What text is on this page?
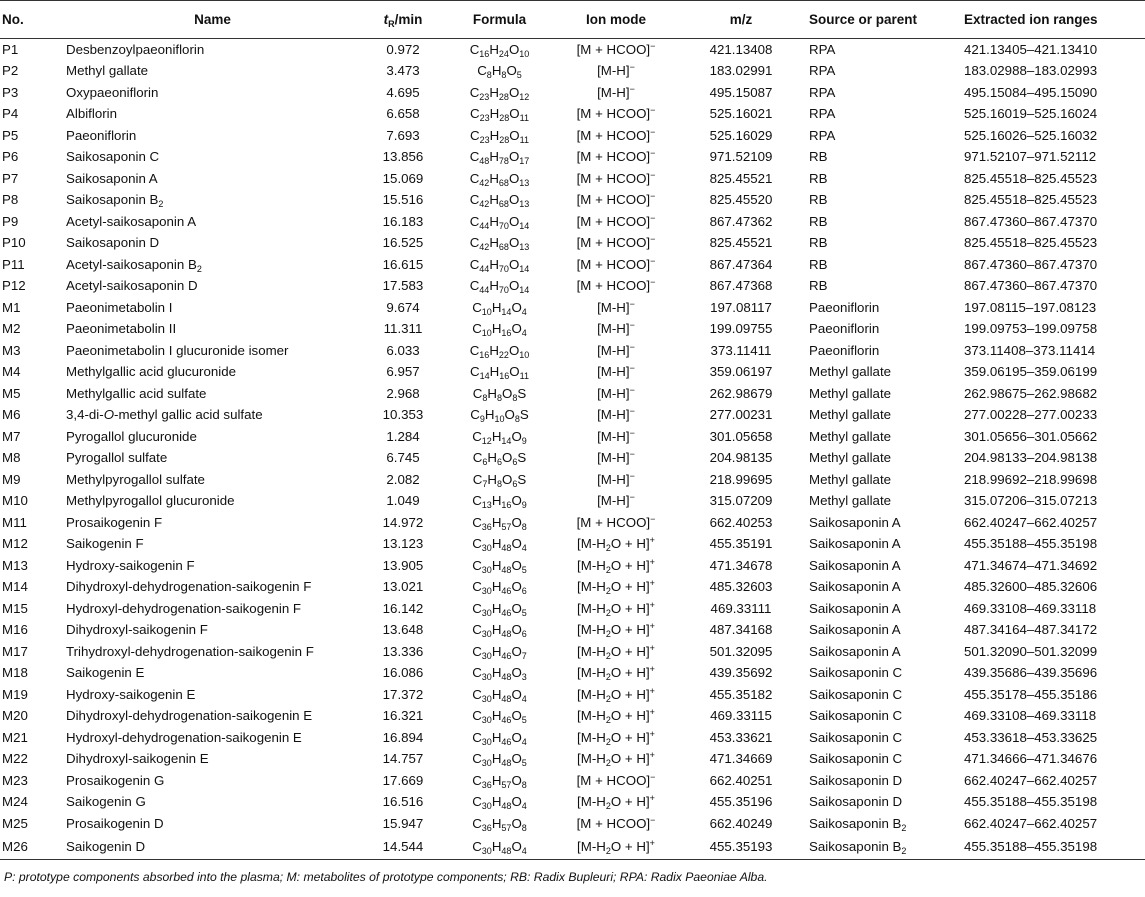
No.	Name	$t_R/\min$	Formula	Ion mode	m/z	Source or parent	Extracted ion ranges
P1	Desbenzoylpaeoniflorin	0.972	$C_{16}H_{24}O_{10}$	[M + HCOO]−	421.13408	RPA	421.13405–421.13410
P2	Methyl gallate	3.473	$C_8H_8O_5$	[M-H]−	183.02991	RPA	183.02988–183.02993
P3	Oxypaeoniflorin	4.695	$C_{23}H_{28}O_{12}$	[M-H]−	495.15087	RPA	495.15084–495.15090
P4	Albiflorin	6.658	$C_{23}H_{28}O_{11}$	[M + HCOO]−	525.16021	RPA	525.16019–525.16024
P5	Paeoniflorin	7.693	$C_{23}H_{28}O_{11}$	[M + HCOO]−	525.16029	RPA	525.16026–525.16032
P6	Saikosaponin C	13.856	$C_{48}H_{78}O_{17}$	[M + HCOO]−	971.52109	RB	971.52107–971.52112
P7	Saikosaponin A	15.069	$C_{42}H_{68}O_{13}$	[M + HCOO]−	825.45521	RB	825.45518–825.45523
P8	Saikosaponin $B_2$	15.516	$C_{42}H_{68}O_{13}$	[M + HCOO]−	825.45520	RB	825.45518–825.45523
P9	Acetyl-saikosaponin A	16.183	$C_{44}H_{70}O_{14}$	[M + HCOO]−	867.47362	RB	867.47360–867.47370
P10	Saikosaponin D	16.525	$C_{42}H_{68}O_{13}$	[M + HCOO]−	825.45521	RB	825.45518–825.45523
P11	Acetyl-saikosaponin $B_2$	16.615	$C_{44}H_{70}O_{14}$	[M + HCOO]−	867.47364	RB	867.47360–867.47370
P12	Acetyl-saikosaponin D	17.583	$C_{44}H_{70}O_{14}$	[M + HCOO]−	867.47368	RB	867.47360–867.47370
M1	Paeonimetabolin I	9.674	$C_{10}H_{14}O_4$	[M-H]−	197.08117	Paeoniflorin	197.08115–197.08123
M2	Paeonimetabolin II	11.311	$C_{10}H_{16}O_4$	[M-H]−	199.09755	Paeoniflorin	199.09753–199.09758
M3	Paeonimetabolin I glucuronide isomer	6.033	$C_{16}H_{22}O_{10}$	[M-H]−	373.11411	Paeoniflorin	373.11408–373.11414
M4	Methylgallic acid glucuronide	6.957	$C_{14}H_{16}O_{11}$	[M-H]−	359.06197	Methyl gallate	359.06195–359.06199
M5	Methylgallic acid sulfate	2.968	$C_8H_8O_8S$	[M-H]−	262.98679	Methyl gallate	262.98675–262.98682
M6	3,4-di-O-methyl gallic acid sulfate	10.353	$C_9H_{10}O_8S$	[M-H]−	277.00231	Methyl gallate	277.00228–277.00233
M7	Pyrogallol glucuronide	1.284	$C_{12}H_{14}O_9$	[M-H]−	301.05658	Methyl gallate	301.05656–301.05662
M8	Pyrogallol sulfate	6.745	$C_6H_6O_6S$	[M-H]−	204.98135	Methyl gallate	204.98133–204.98138
M9	Methylpyrogallol sulfate	2.082	$C_7H_8O_6S$	[M-H]−	218.99695	Methyl gallate	218.99692–218.99698
M10	Methylpyrogallol glucuronide	1.049	$C_{13}H_{16}O_9$	[M-H]−	315.07209	Methyl gallate	315.07206–315.07213
M11	Prosaikogenin F	14.972	$C_{36}H_{57}O_8$	[M + HCOO]−	662.40253	Saikosaponin A	662.40247–662.40257
M12	Saikogenin F	13.123	$C_{30}H_{48}O_4$	$[M-H_2O + H]^+$	455.35191	Saikosaponin A	455.35188–455.35198
M13	Hydroxy-saikogenin F	13.905	$C_{30}H_{48}O_5$	$[M-H_2O + H]^+$	471.34678	Saikosaponin A	471.34674–471.34692
M14	Dihydroxyl-dehydrogenation-saikogenin F	13.021	$C_{30}H_{46}O_6$	$[M-H_2O + H]^+$	485.32603	Saikosaponin A	485.32600–485.32606
M15	Hydroxyl-dehydrogenation-saikogenin F	16.142	$C_{30}H_{46}O_5$	$[M-H_2O + H]^+$	469.33111	Saikosaponin A	469.33108–469.33118
M16	Dihydroxyl-saikogenin F	13.648	$C_{30}H_{48}O_6$	$[M-H_2O + H]^+$	487.34168	Saikosaponin A	487.34164–487.34172
M17	Trihydroxyl-dehydrogenation-saikogenin F	13.336	$C_{30}H_{46}O_7$	$[M-H_2O + H]^+$	501.32095	Saikosaponin A	501.32090–501.32099
M18	Saikogenin E	16.086	$C_{30}H_{48}O_3$	$[M-H_2O + H]^+$	439.35692	Saikosaponin C	439.35686–439.35696
M19	Hydroxy-saikogenin E	17.372	$C_{30}H_{48}O_4$	$[M-H_2O + H]^+$	455.35182	Saikosaponin C	455.35178–455.35186
M20	Dihydroxyl-dehydrogenation-saikogenin E	16.321	$C_{30}H_{46}O_5$	$[M-H_2O + H]^+$	469.33115	Saikosaponin C	469.33108–469.33118
M21	Hydroxyl-dehydrogenation-saikogenin E	16.894	$C_{30}H_{46}O_4$	$[M-H_2O + H]^+$	453.33621	Saikosaponin C	453.33618–453.33625
M22	Dihydroxyl-saikogenin E	14.757	$C_{30}H_{48}O_5$	$[M-H_2O + H]^+$	471.34669	Saikosaponin C	471.34666–471.34676
M23	Prosaikogenin G	17.669	$C_{36}H_{57}O_8$	[M + HCOO]−	662.40251	Saikosaponin D	662.40247–662.40257
M24	Saikogenin G	16.516	$C_{30}H_{48}O_4$	$[M-H_2O + H]^+$	455.35196	Saikosaponin D	455.35188–455.35198
M25	Prosaikogenin D	15.947	$C_{36}H_{57}O_8$	[M + HCOO]−	662.40249	Saikosaponin $B_2$	662.40247–662.40257
M26	Saikogenin D	14.544	$C_{30}H_{48}O_4$	$[M-H_2O + H]^+$	455.35193	Saikosaponin $B_2$	455.35188–455.35198
P: prototype components absorbed into the plasma; M: metabolites of prototype components; RB: Radix Bupleuri; RPA: Radix Paeoniae Alba.
